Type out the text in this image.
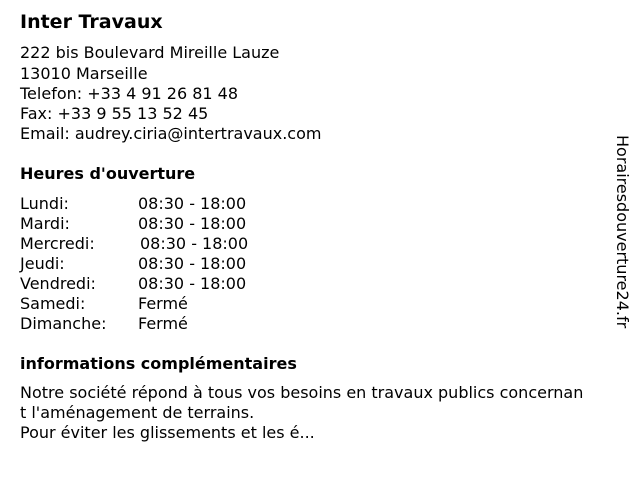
Inter Travaux
222 bis Boulevard Mireille Lauze
13010 Marseille
Telefon: +33 4 91 26 81 48
Fax: +33 9 55 13 52 45
Email: audrey.ciria@intertravaux.com
Heures d'ouverture
Lundi:	08:30 - 18:00
Mardi:	08:30 - 18:00
Mercredi:	08:30 - 18:00
Jeudi:	08:30 - 18:00
Vendredi:	08:30 - 18:00
Samedi:	Fermé
Dimanche: Fermé
informations complémentaires
Notre société répond à tous vos besoins en travaux publics concernan
t l'aménagement de terrains.
Pour éviter les glissements et les é...
Horairesdouverture24.fr
